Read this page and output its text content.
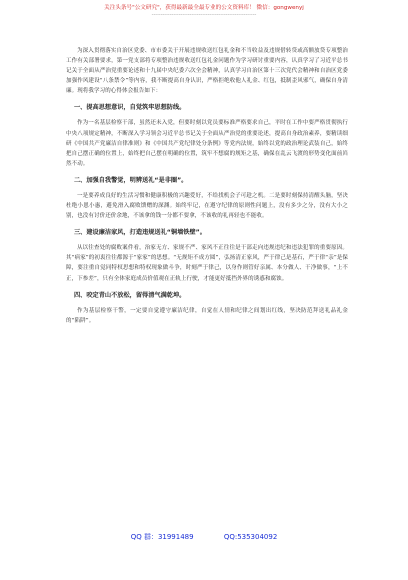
关注头条号"公文研究"，获得最新最全最专业的公文资料库！ 微信：gongwenyj
----------------------------------------------------------

为深入贯彻落实自治区党委、市市委关于开展违规收送红包礼金和不当收益及违规借转贷或高额放贷专项整治工作有关部署要求，第一党支部将专项整治违规收送红包礼金问题作为学习研讨重要内容，认真学习了习近平总书记关于全面从严治党重要论述和十九届中央纪委六次全会精神，认真学习自治区第十三次党代会精神和自治区党委加强作风建设“八条禁令”等内容，我不断提高自身认识，严格拒绝收他人礼金、红包，抵制歪风邪气，确保自身清廉。现将我学习的心得体会报告如下：

一、提高思想意识，自觉筑牢思想防线。

作为一名基层检察干部，虽然还未入党，但要时刻以党员要标准严格要求自己，平时在工作中要严格贯彻执行中央八项规定精神，不断深入学习领会习近平总书记关于全面从严治党的重要论述，提高自身政治素养，要精读细研《中国共产党廉洁自律准则》和《中国共产党纪律处分条例》等党内法规，始终以党的政治理论武装自己，始终把自己摆正确的位置上，始终把自己摆在明确的位置，筑牢不想腐的规矩之基，确保在乱云飞渡的形势变化面前岿然不动。

二、加强自我警觉，明辨送礼“是非圈”。

一是要养成良好的生活习惯和健康积极的兴趣爱好，不给找机会子可趁之机。二是要时刻保持清醒头脑，坚决杜绝小恩小惠，避免滑入腐败馈赠的深渊。始终牢记，在遵守纪律的原则性问题上，没有多少之分，没有大小之别，也没有讨价还价余地，不该拿的钱一分都不要拿，不该收的礼再轻也不能收。

三、建设廉洁家风，打造违规送礼“铜墙铁壁”。

从以往查处的腐败案件看，治家无方、家规不严、家风不正往往是干部走向违规违纪和违法犯罪的重要原因。其“病家”的初衷往往都源于“家家”的思想。“无规矩不成方圆”，弘扬清正家风，严于律己是基石，严于律“亲”是保障，要注重自觉同特权思想和特权现象做斗争，时刻严于律己，以身作则管好亲属、本分做人、干净做事，“上不正，下参差”，只有全体家庭成员价值观在正轨上行驶，才能更好抵挡外界的诱惑和腐蚀。

四、咬定青山不放松，留得清气满乾坤。

作为基层检察干警，一定要自觉遵守廉洁纪律，自觉在人情和纪律之间划出红线，坚决防范拜送礼品礼金的“陷阱”。

QQ 群：31991489	QQ:535304092
